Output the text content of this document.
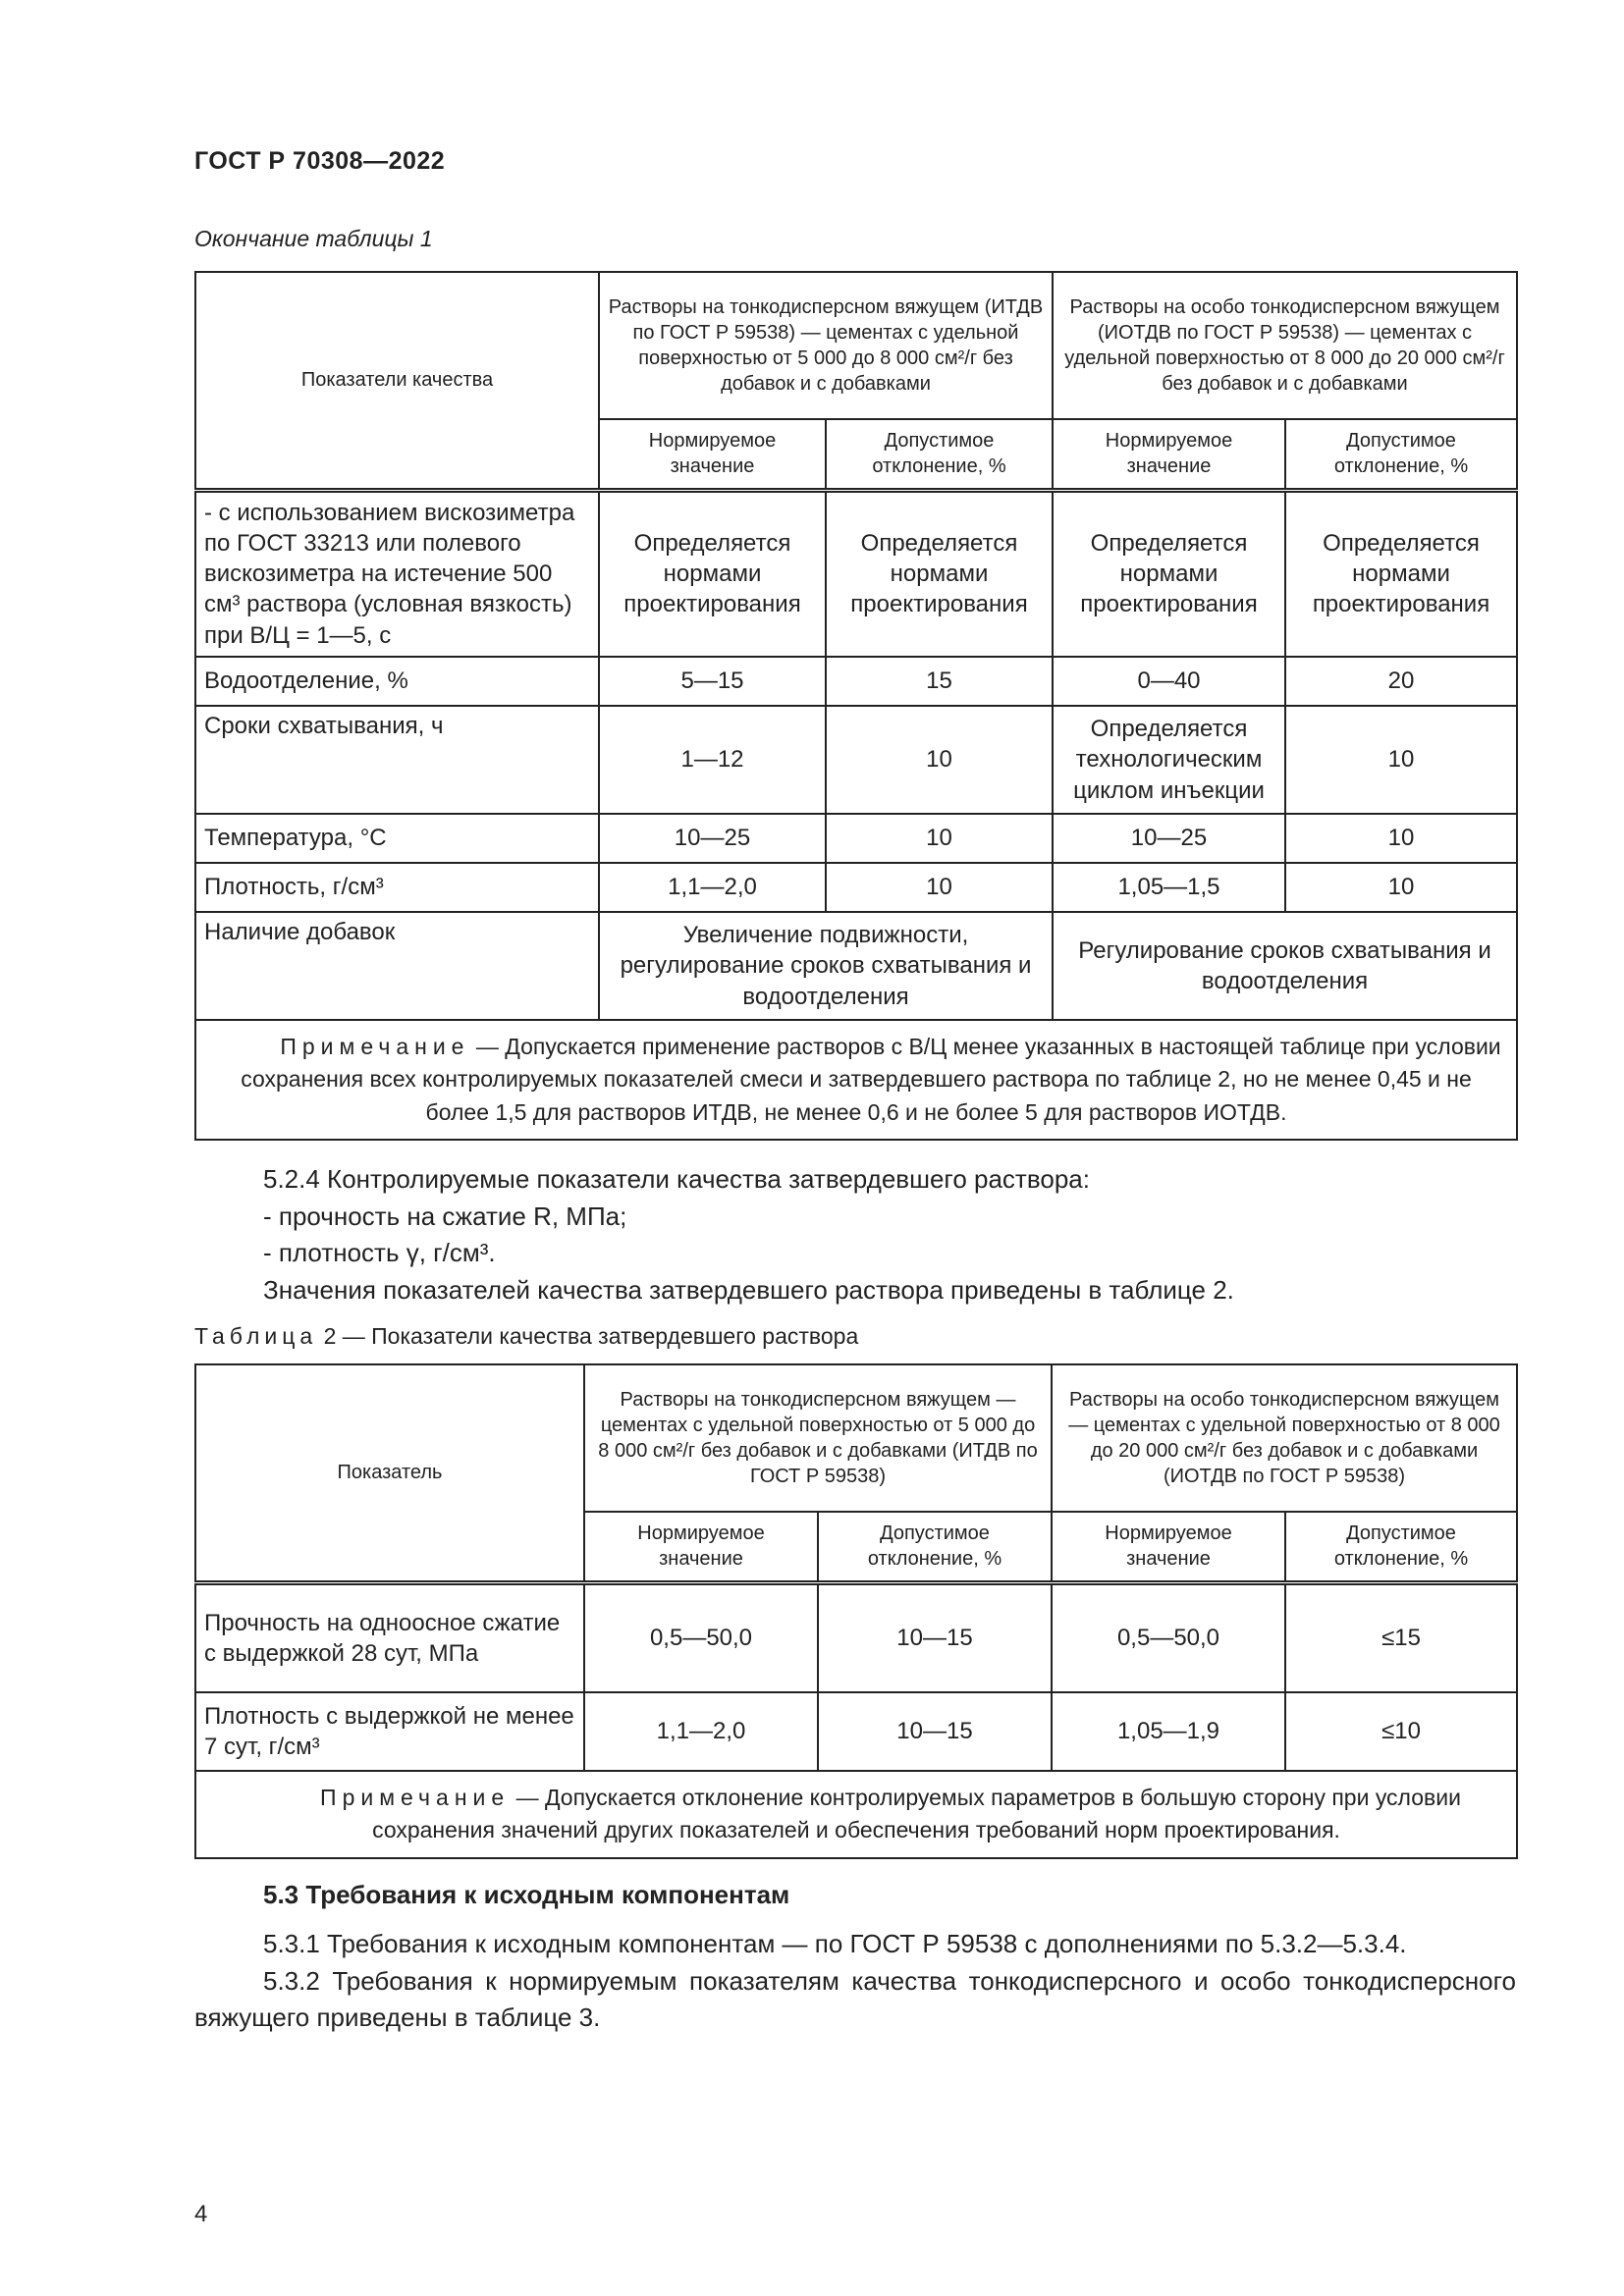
ГОСТ Р 70308—2022
Окончание таблицы 1
Показатели качества	Растворы на тонкодисперсном вяжущем (ИТДВ по ГОСТ Р 59538) — цементах с удельной поверхностью от 5 000 до 8 000 см²/г без добавок и с добавками		Растворы на особо тонкодисперсном вяжущем (ИОТДВ по ГОСТ Р 59538) — цементах с удельной поверхностью от 8 000 до 20 000 см²/г без добавок и с добавками	
	Нормируемое значение	Допустимое отклонение, %	Нормируемое значение	Допустимое отклонение, %
- с использованием вискозиметра по ГОСТ 33213 или полевого вискозиметра на истечение 500 см³ раствора (условная вязкость) при В/Ц = 1—5, с	Определяется нормами проектирования	Определяется нормами проектирования	Определяется нормами проектирования	Определяется нормами проектирования
Водоотделение, %	5—15	15	0—40	20
Сроки схватывания, ч	1—12	10	Определяется технологическим циклом инъекции	10
Температура, °С	10—25	10	10—25	10
Плотность, г/см³	1,1—2,0	10	1,05—1,5	10
Наличие добавок	Увеличение подвижности, регулирование сроков схватывания и водоотделения		Регулирование сроков схватывания и водоотделения	
Примечание — Допускается применение растворов с В/Ц менее указанных в настоящей таблице при условии сохранения всех контролируемых показателей смеси и затвердевшего раствора по таблице 2, но не менее 0,45 и не более 1,5 для растворов ИТДВ, не менее 0,6 и не более 5 для растворов ИОТДВ.				
5.2.4 Контролируемые показатели качества затвердевшего раствора:
- прочность на сжатие R, МПа;
- плотность γ, г/см³.
Значения показателей качества затвердевшего раствора приведены в таблице 2.
Таблица 2 — Показатели качества затвердевшего раствора
Показатель	Растворы на тонкодисперсном вяжущем — цементах с удельной поверхностью от 5 000 до 8 000 см²/г без добавок и с добавками (ИТДВ по ГОСТ Р 59538)		Растворы на особо тонкодисперсном вяжущем — цементах с удельной поверхностью от 8 000 до 20 000 см²/г без добавок и с добавками (ИОТДВ по ГОСТ Р 59538)	
	Нормируемое значение	Допустимое отклонение, %	Нормируемое значение	Допустимое отклонение, %
Прочность на одноосное сжатие с выдержкой 28 сут, МПа	0,5—50,0	10—15	0,5—50,0	≤15
Плотность с выдержкой не менее 7 сут, г/см³	1,1—2,0	10—15	1,05—1,9	≤10
Примечание — Допускается отклонение контролируемых параметров в большую сторону при условии сохранения значений других показателей и обеспечения требований норм проектирования.				
5.3 Требования к исходным компонентам
5.3.1 Требования к исходным компонентам — по ГОСТ Р 59538 с дополнениями по 5.3.2—5.3.4.
5.3.2 Требования к нормируемым показателям качества тонкодисперсного и особо тонкодисперсного вяжущего приведены в таблице 3.
4
